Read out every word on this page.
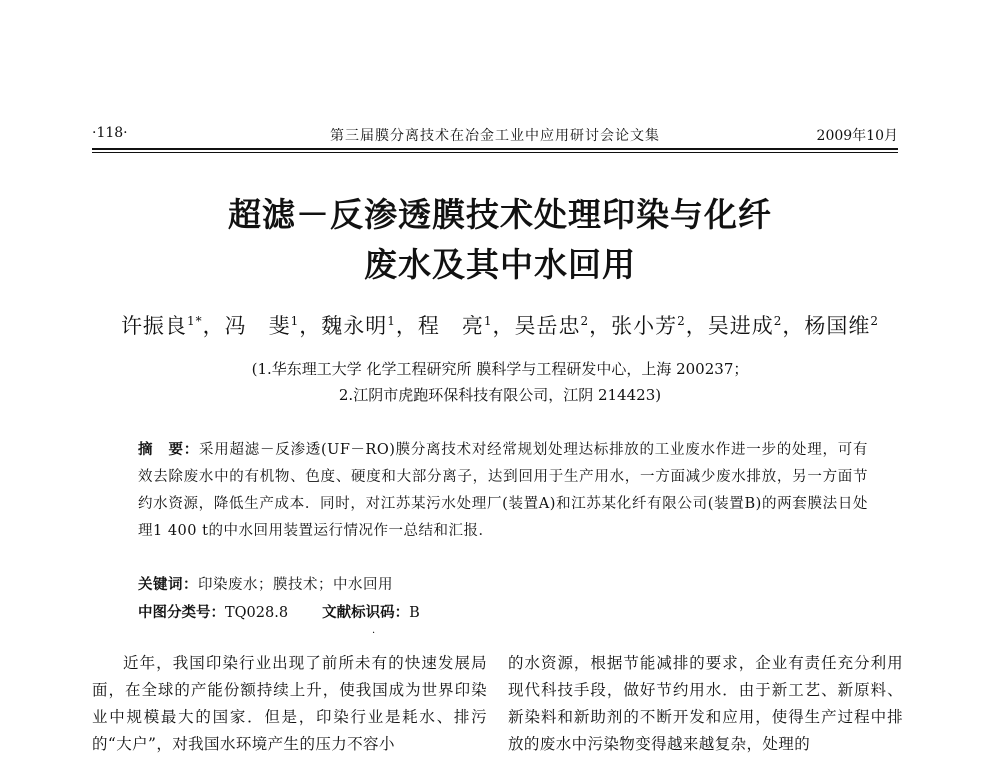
·118·	第三届膜分离技术在冶金工业中应用研讨会论文集	2009年10月
超滤－反渗透膜技术处理印染与化纤
废水及其中水回用
许振良$^{1*}$，冯　斐$^1$，魏永明$^1$，程　亮$^1$，吴岳忠$^2$，张小芳$^2$，吴进成$^2$，杨国维$^2$
(1.华东理工大学 化学工程研究所 膜科学与工程研发中心，上海 200237；
2.江阴市虎跑环保科技有限公司，江阴 214423)
摘　要：采用超滤－反渗透(UF－RO)膜分离技术对经常规划处理达标排放的工业废水作进一步的处理，可有效去除废水中的有机物、色度、硬度和大部分离子，达到回用于生产用水，一方面减少废水排放，另一方面节约水资源，降低生产成本．同时，对江苏某污水处理厂(装置A)和江苏某化纤有限公司(装置B)的两套膜法日处理1 400 t的中水回用装置运行情况作一总结和汇报．
关键词：印染废水；膜技术；中水回用
中图分类号：TQ028.8 文献标识码：B
·
近年，我国印染行业出现了前所未有的快速发展局面，在全球的产能份额持续上升，使我国成为世界印染业中规模最大的国家．但是，印染行业是耗水、排污的“大户”，对我国水环境产生的压力不容小
的水资源，根据节能减排的要求，企业有责任充分利用现代科技手段，做好节约用水．由于新工艺、新原料、新染料和新助剂的不断开发和应用，使得生产过程中排放的废水中污染物变得越来越复杂，处理的
